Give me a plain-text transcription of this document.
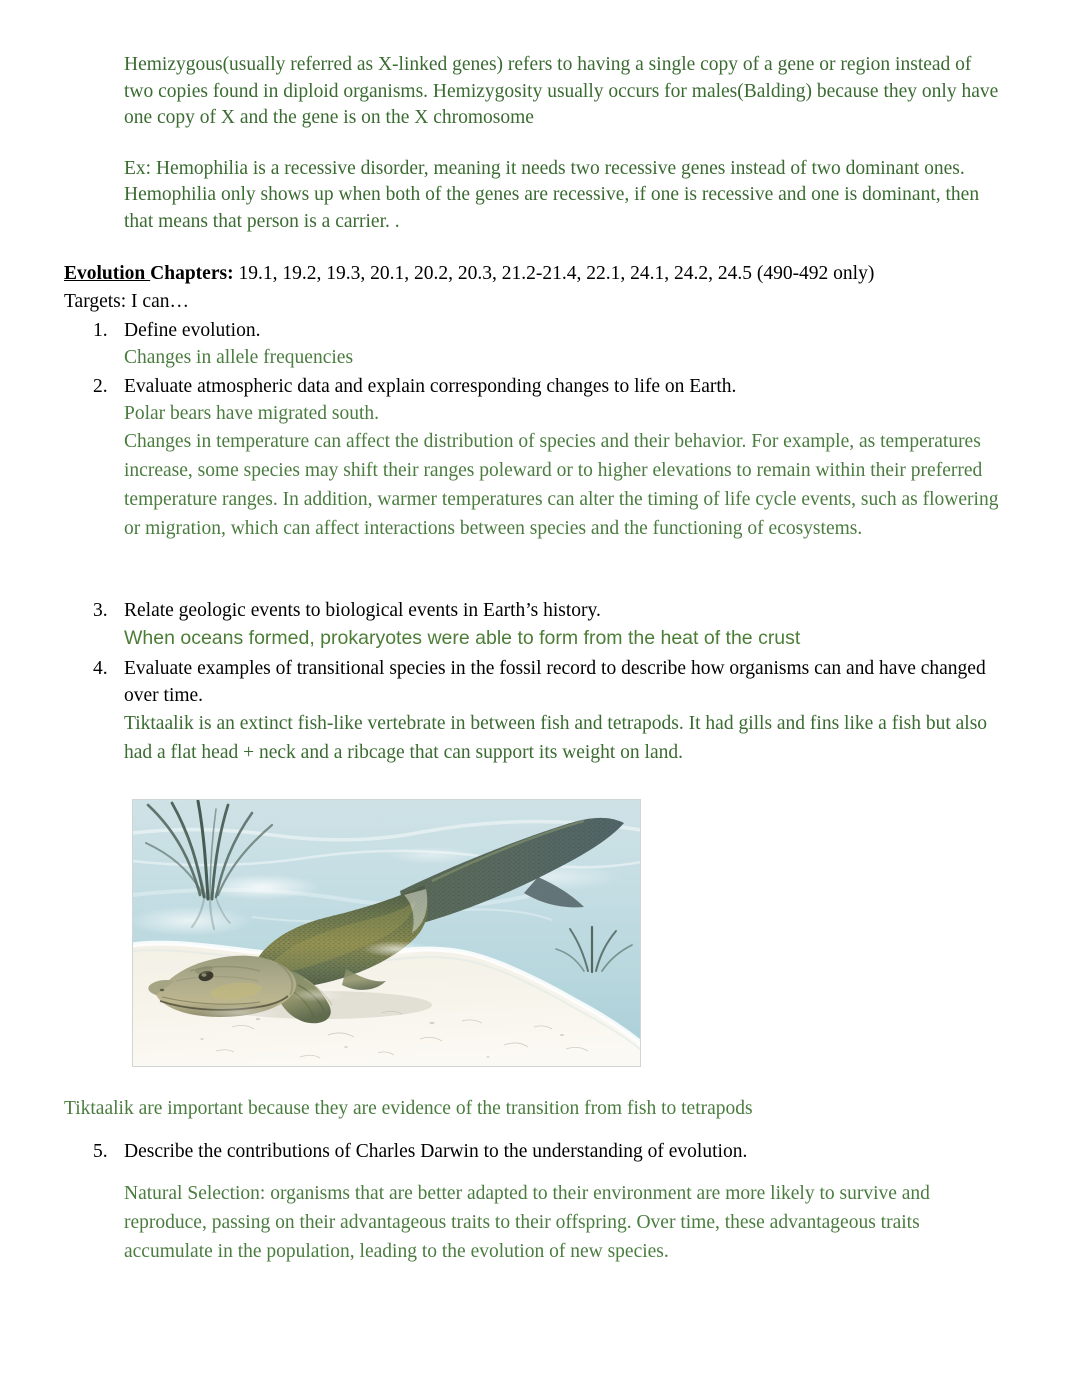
Hemizygous(usually referred as X-linked genes) refers to having a single copy of a gene or region instead of two copies found in diploid organisms. Hemizygosity usually occurs for males(Balding) because they only have one copy of X and the gene is on the X chromosome

Ex: Hemophilia is a recessive disorder, meaning it needs two recessive genes instead of two dominant ones. Hemophilia only shows up when both of the genes are recessive, if one is recessive and one is dominant, then that means that person is a carrier. .

Evolution Chapters: 19.1, 19.2, 19.3, 20.1, 20.2, 20.3, 21.2-21.4, 22.1, 24.1, 24.2, 24.5 (490-492 only)
Targets: I can…

Define evolution.

Changes in allele frequencies

Evaluate atmospheric data and explain corresponding changes to life on Earth.

Polar bears have migrated south.

Changes in temperature can affect the distribution of species and their behavior. For example, as temperatures increase, some species may shift their ranges poleward or to higher elevations to remain within their preferred temperature ranges. In addition, warmer temperatures can alter the timing of life cycle events, such as flowering or migration, which can affect interactions between species and the functioning of ecosystems.

Relate geologic events to biological events in Earth’s history.

When oceans formed, prokaryotes were able to form from the heat of the crust

Evaluate examples of transitional species in the fossil record to describe how organisms can and have changed over time.

Tiktaalik is an extinct fish-like vertebrate in between fish and tetrapods. It had gills and fins like a fish but also had a flat head + neck and a ribcage that can support its weight on land.

Tiktaalik are important because they are evidence of the transition from fish to tetrapods

Describe the contributions of Charles Darwin to the understanding of evolution.

Natural Selection: organisms that are better adapted to their environment are more likely to survive and reproduce, passing on their advantageous traits to their offspring. Over time, these advantageous traits accumulate in the population, leading to the evolution of new species.
